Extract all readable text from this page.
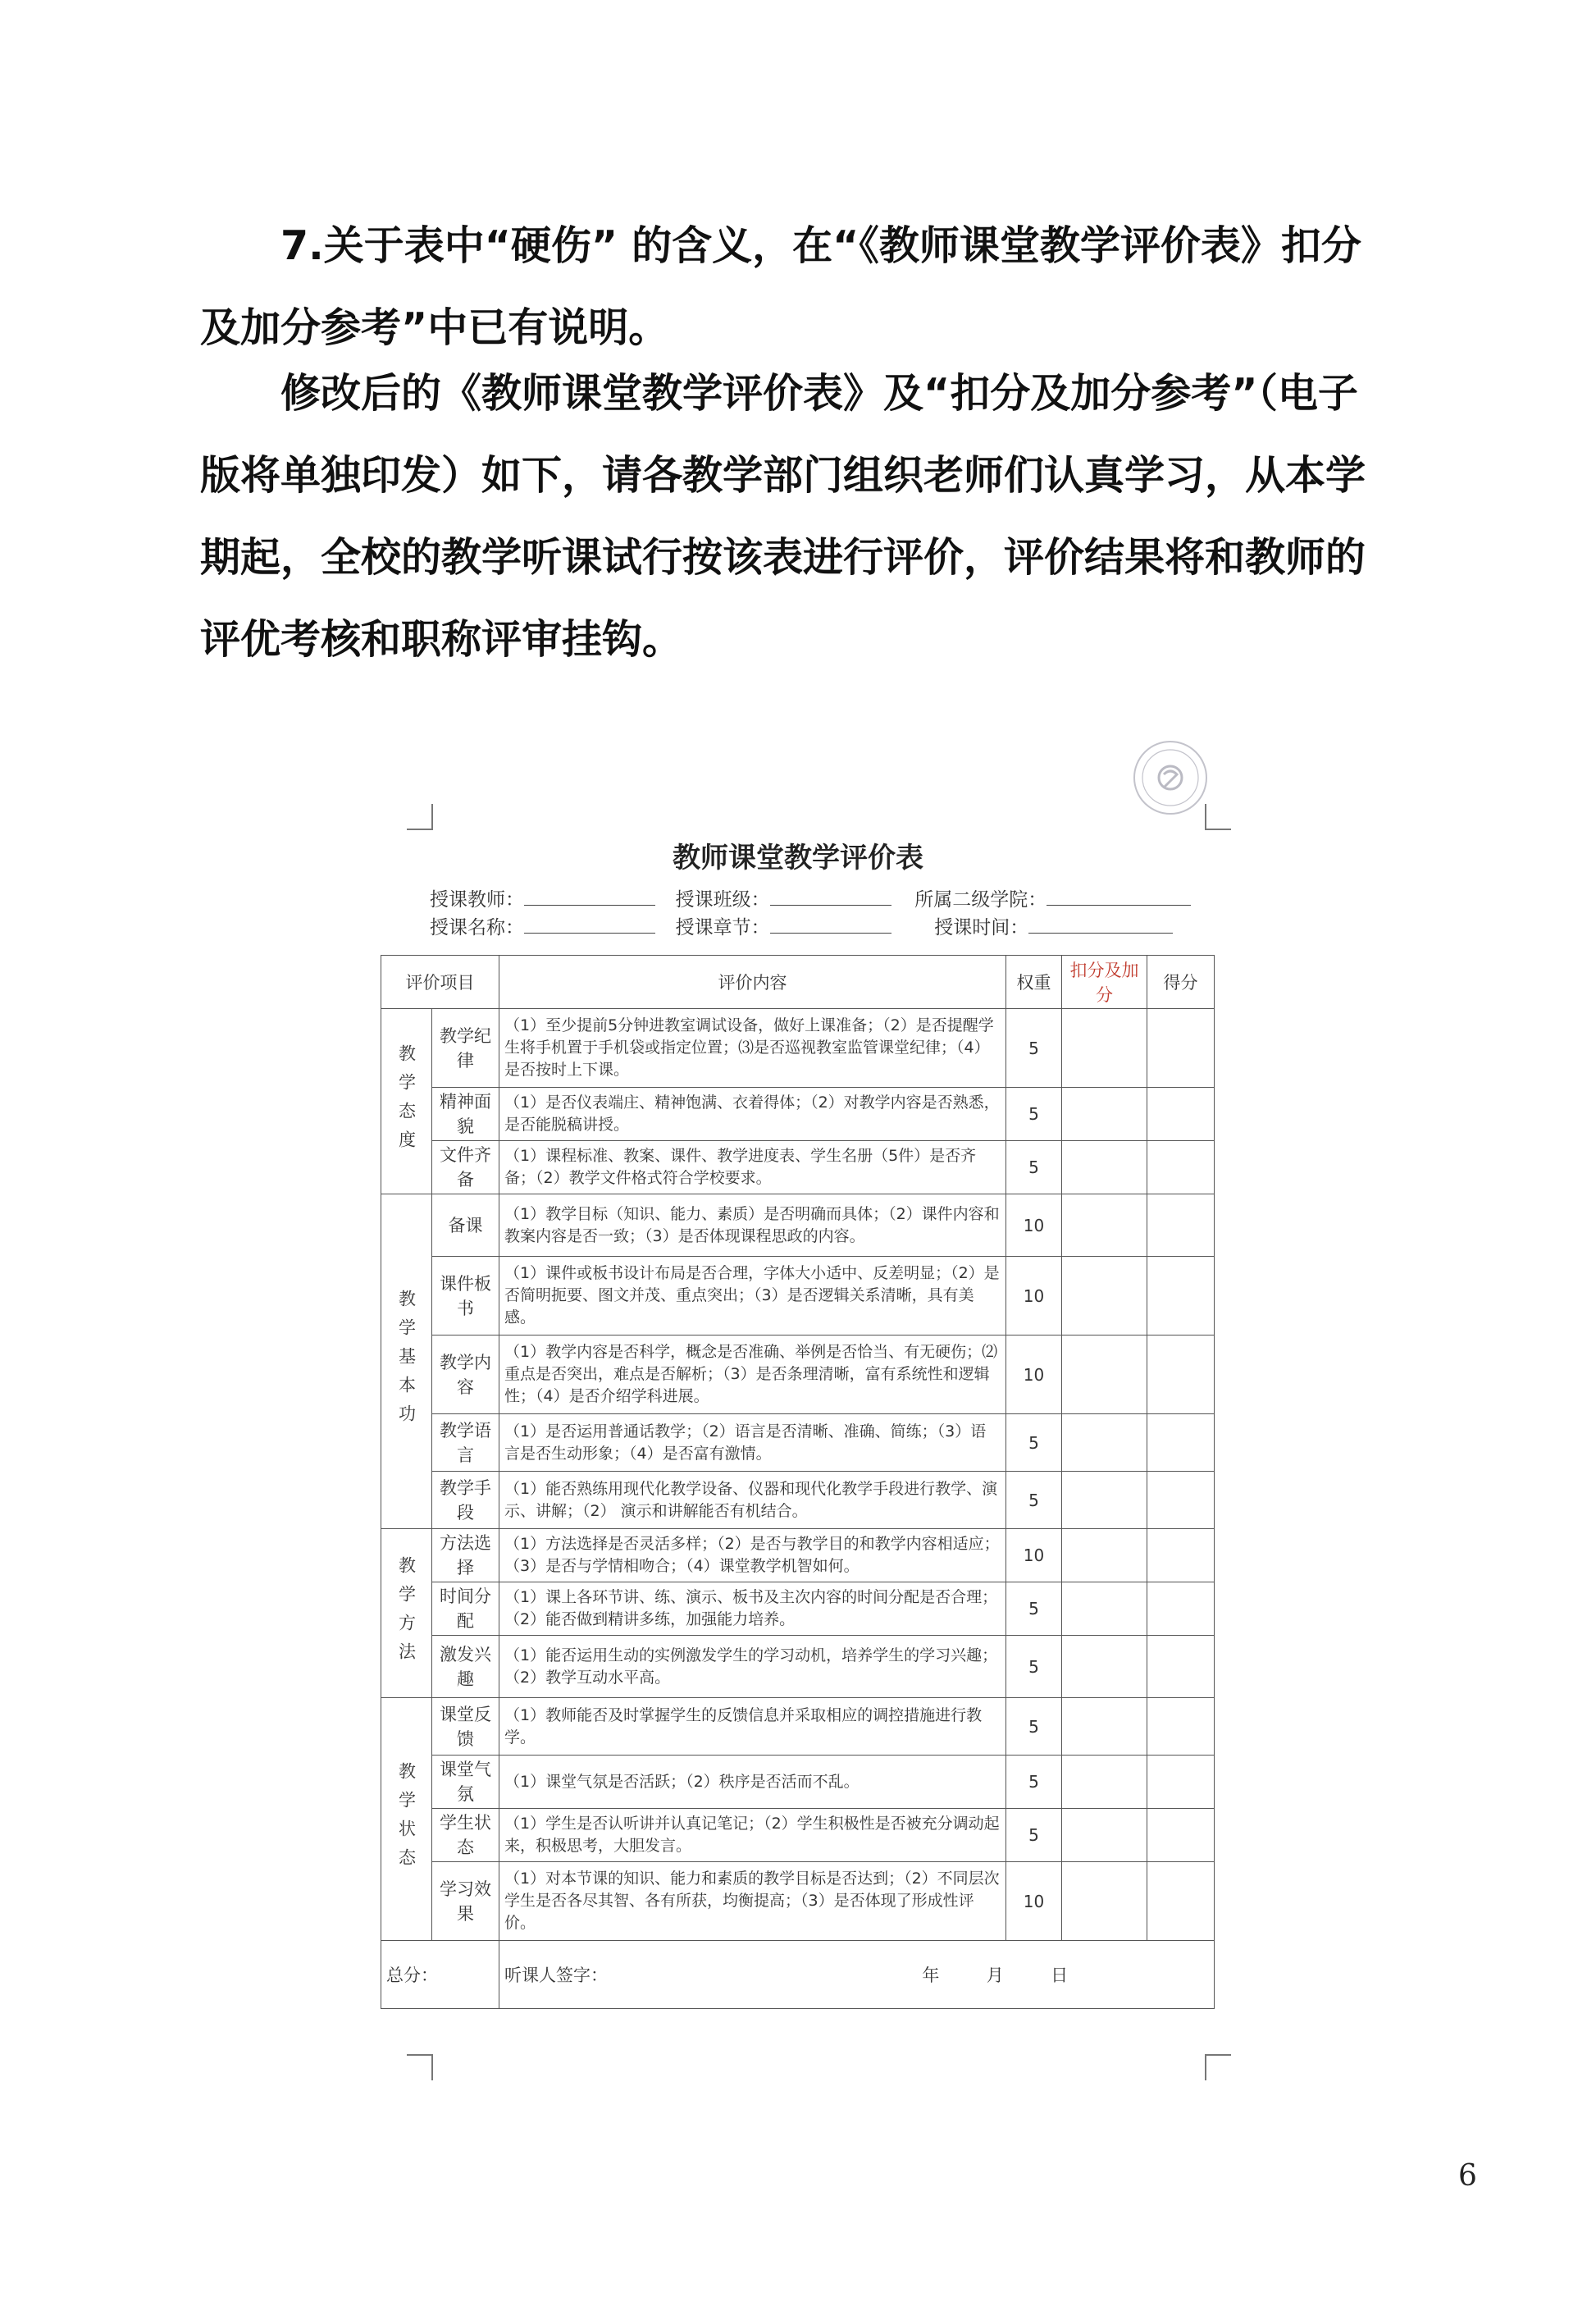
7.关于表中“硬伤” 的含义，在“《教师课堂教学评价表》扣分及加分参考”中已有说明。

修改后的《教师课堂教学评价表》及“扣分及加分参考”（电子版将单独印发）如下，请各教学部门组织老师们认真学习，从本学期起，全校的教学听课试行按该表进行评价，评价结果将和教师的评优考核和职称评审挂钩。

教师课堂教学评价表
授课教师：	授课班级：	所属二级学院：
授课名称：	授课章节：	授课时间：
评价项目		评价内容	权重	扣分及加分	得分
教学态度	教学纪律	（1）至少提前5分钟进教室调试设备，做好上课准备；（2）是否提醒学生将手机置于手机袋或指定位置；⑶是否巡视教室监管课堂纪律；（4）是否按时上下课。	5		
	精神面貌	（1）是否仪表端庄、精神饱满、衣着得体；（2）对教学内容是否熟悉，是否能脱稿讲授。	5		
	文件齐备	（1）课程标准、教案、课件、教学进度表、学生名册（5件）是否齐备；（2）教学文件格式符合学校要求。	5		
教学基本功	备课	（1）教学目标（知识、能力、素质）是否明确而具体；（2）课件内容和教案内容是否一致；（3）是否体现课程思政的内容。	10		
	课件板书	（1）课件或板书设计布局是否合理，字体大小适中、反差明显；（2）是否简明扼要、图文并茂、重点突出；（3）是否逻辑关系清晰，具有美感。	10		
	教学内容	（1）教学内容是否科学，概念是否准确、举例是否恰当、有无硬伤；⑵重点是否突出，难点是否解析；（3）是否条理清晰，富有系统性和逻辑性；（4）是否介绍学科进展。	10		
	教学语言	（1）是否运用普通话教学；（2）语言是否清晰、准确、简练；（3）语言是否生动形象；（4）是否富有激情。	5		
	教学手段	（1）能否熟练用现代化教学设备、仪器和现代化教学手段进行教学、演示、讲解；（2） 演示和讲解能否有机结合。	5		
教学方法	方法选择	（1）方法选择是否灵活多样；（2）是否与教学目的和教学内容相适应；（3）是否与学情相吻合；（4）课堂教学机智如何。	10		
	时间分配	（1）课上各环节讲、练、演示、板书及主次内容的时间分配是否合理；（2）能否做到精讲多练，加强能力培养。	5		
	激发兴趣	（1）能否运用生动的实例激发学生的学习动机，培养学生的学习兴趣；（2）教学互动水平高。	5		
教学状态	课堂反馈	（1）教师能否及时掌握学生的反馈信息并采取相应的调控措施进行教学。	5		
	课堂气氛	（1）课堂气氛是否活跃；（2）秩序是否活而不乱。	5		
	学生状态	（1）学生是否认听讲并认真记笔记；（2）学生积极性是否被充分调动起来，积极思考，大胆发言。	5		
	学习效果	（1）对本节课的知识、能力和素质的教学目标是否达到；（2）不同层次学生是否各尽其智、各有所获，均衡提高；（3）是否体现了形成性评价。	10		
总分：		听课人签字： 年 月 日			
6
